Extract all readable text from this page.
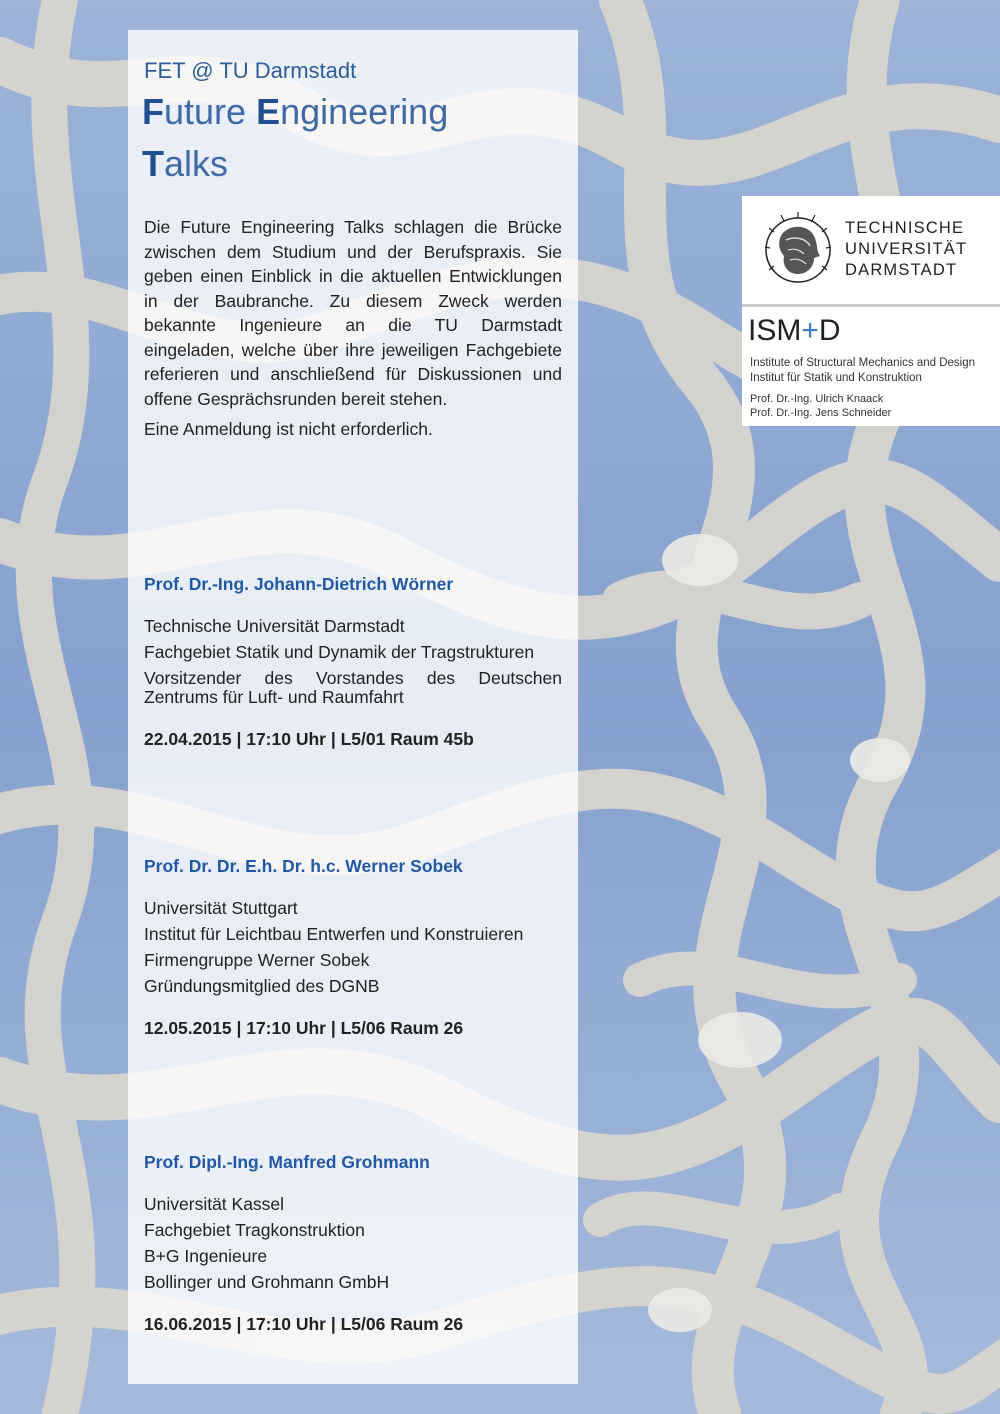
FET @ TU Darmstadt
Future Engineering
Talks

Die Future Engineering Talks schlagen die Brücke zwischen dem Studium und der Berufspraxis. Sie geben einen Einblick in die aktuellen Entwicklungen in der Baubranche. Zu diesem Zweck werden bekannte Ingenieure an die TU Darmstadt eingeladen, welche über ihre jeweiligen Fachgebiete referieren und anschließend für Diskussionen und offene Gesprächsrunden bereit stehen.

Eine Anmeldung ist nicht erforderlich.

Prof. Dr.-Ing. Johann-Dietrich Wörner

Technische Universität Darmstadt

Fachgebiet Statik und Dynamik der Tragstrukturen

Vorsitzender des Vorstandes des Deutschen Zentrums für Luft- und Raumfahrt

22.04.2015 | 17:10 Uhr | L5/01 Raum 45b
Prof. Dr. Dr. E.h. Dr. h.c. Werner Sobek

Universität Stuttgart

Institut für Leichtbau Entwerfen und Konstruieren

Firmengruppe Werner Sobek

Gründungsmitglied des DGNB

12.05.2015 | 17:10 Uhr | L5/06 Raum 26
Prof. Dipl.-Ing. Manfred Grohmann

Universität Kassel

Fachgebiet Tragkonstruktion

B+G Ingenieure

Bollinger und Grohmann GmbH

16.06.2015 | 17:10 Uhr | L5/06 Raum 26
TECHNISCHE
UNIVERSITÄT
DARMSTADT
ISM+D
Institute of Structural Mechanics and Design
Institut für Statik und Konstruktion
Prof. Dr.-Ing. Ulrich Knaack
Prof. Dr.-Ing. Jens Schneider
